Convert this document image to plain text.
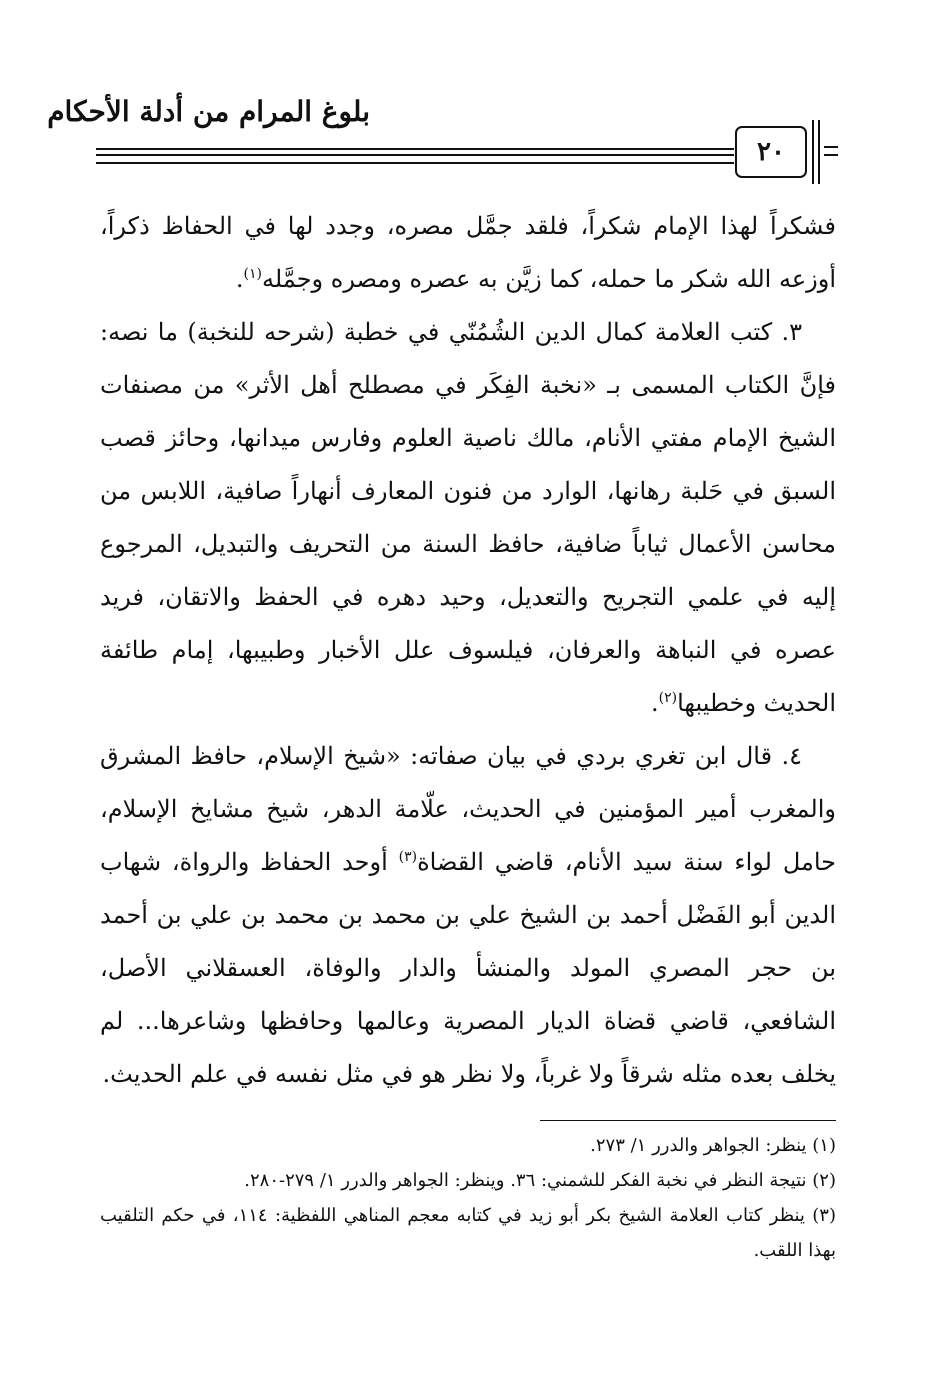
بلوغ المرام من أدلة الأحكام
٢٠

فشكراً لهذا الإمام شكراً، فلقد جمَّل مصره، وجدد لها في الحفاظ ذكراً، أوزعه الله شكر ما حمله، كما زيَّن به عصره ومصره وجمَّله$^{(١)}$.

٣. كتب العلامة كمال الدين الشُمُنّي في خطبة (شرحه للنخبة) ما نصه: فإنَّ الكتاب المسمى بـ «نخبة الفِكَر في مصطلح أهل الأثر» من مصنفات الشيخ الإمام مفتي الأنام، مالك ناصية العلوم وفارس ميدانها، وحائز قصب السبق في حَلبة رهانها، الوارد من فنون المعارف أنهاراً صافية، اللابس من محاسن الأعمال ثياباً ضافية، حافظ السنة من التحريف والتبديل، المرجوع إليه في علمي التجريح والتعديل، وحيد دهره في الحفظ والاتقان، فريد عصره في النباهة والعرفان، فيلسوف علل الأخبار وطبيبها، إمام طائفة الحديث وخطيبها$^{(٢)}$.

٤. قال ابن تغري بردي في بيان صفاته: «شيخ الإسلام، حافظ المشرق والمغرب أمير المؤمنين في الحديث، علّامة الدهر، شيخ مشايخ الإسلام، حامل لواء سنة سيد الأنام، قاضي القضاة$^{(٣)}$ أوحد الحفاظ والرواة، شهاب الدين أبو الفَضْل أحمد بن الشيخ علي بن محمد بن محمد بن علي بن أحمد بن حجر المصري المولد والمنشأ والدار والوفاة، العسقلاني الأصل، الشافعي، قاضي قضاة الديار المصرية وعالمها وحافظها وشاعرها... لم يخلف بعده مثله شرقاً ولا غرباً، ولا نظر هو في مثل نفسه في علم الحديث.

(١) ينظر: الجواهر والدرر ١/ ٢٧٣.

(٢) نتيجة النظر في نخبة الفكر للشمني: ٣٦. وينظر: الجواهر والدرر ١/ ٢٧٩-٢٨٠.

(٣) ينظر كتاب العلامة الشيخ بكر أبو زيد في كتابه معجم المناهي اللفظية: ١١٤، في حكم التلقيب بهذا اللقب.
